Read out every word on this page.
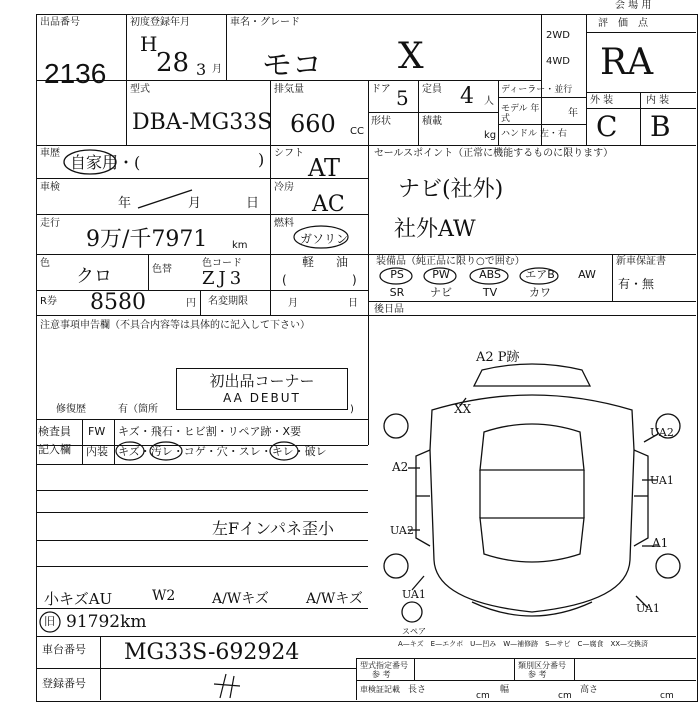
出品番号
2136
初度登録年月
H
28 3 月
車名・グレード
モコ X
2WD
4WD
評価点
RA
会 場 用
型式
DBA-MG33S
排気量
660 CC
ドア 5 定員 4 人
形状	積載
kg
ディーラー・並行
モデル 年式	年
ハンドル 左・右
外 装	内 装
C B
車歴 自家用・(	)
車検
年	月	日
走行
9万/千7971 km
色
クロ	色替
色コード
ZJ3
シフト
AT
冷房
AC
燃料
ガソリン
軽 油
(	)
セールスポイント（正常に機能するものに限ります）
ナビ(社外)
社外AW
装備品（純正品に限り○で囲む）
PS	PW	ABS	エアB	AW
SR	ナビ	TV	カワ
新車保証書
有・無
R券 8580	円 名変期限	月	日
注意事項申告欄（不具合内容等は具体的に記入して下さい）
初出品コーナー
AA DEBUT
修復歴	有（箇所	)
検査員
記入欄
FW キズ・飛石・ヒビ割・リペア跡・X要
内装 キズ・汚レ・コゲ・穴・スレ・キレ・破レ
左Fインパネ歪小
小キズAU	W2	A/Wキズ	A/Wキズ
旧 91792km
後日品
A2 P跡
XX
UA2
UA1
A2
UA2
A1
UA1
UA1
スペア
A—キズ　E—エクボ　U—凹み　W—補修跡　S—サビ　C—腐食　XX—交換済
車台番号 MG33S-692924
登録番号
型式指定番号
参 考
類別区分番号
参 考
車検証記載 長さ
cm
幅
cm
高さ
cm
